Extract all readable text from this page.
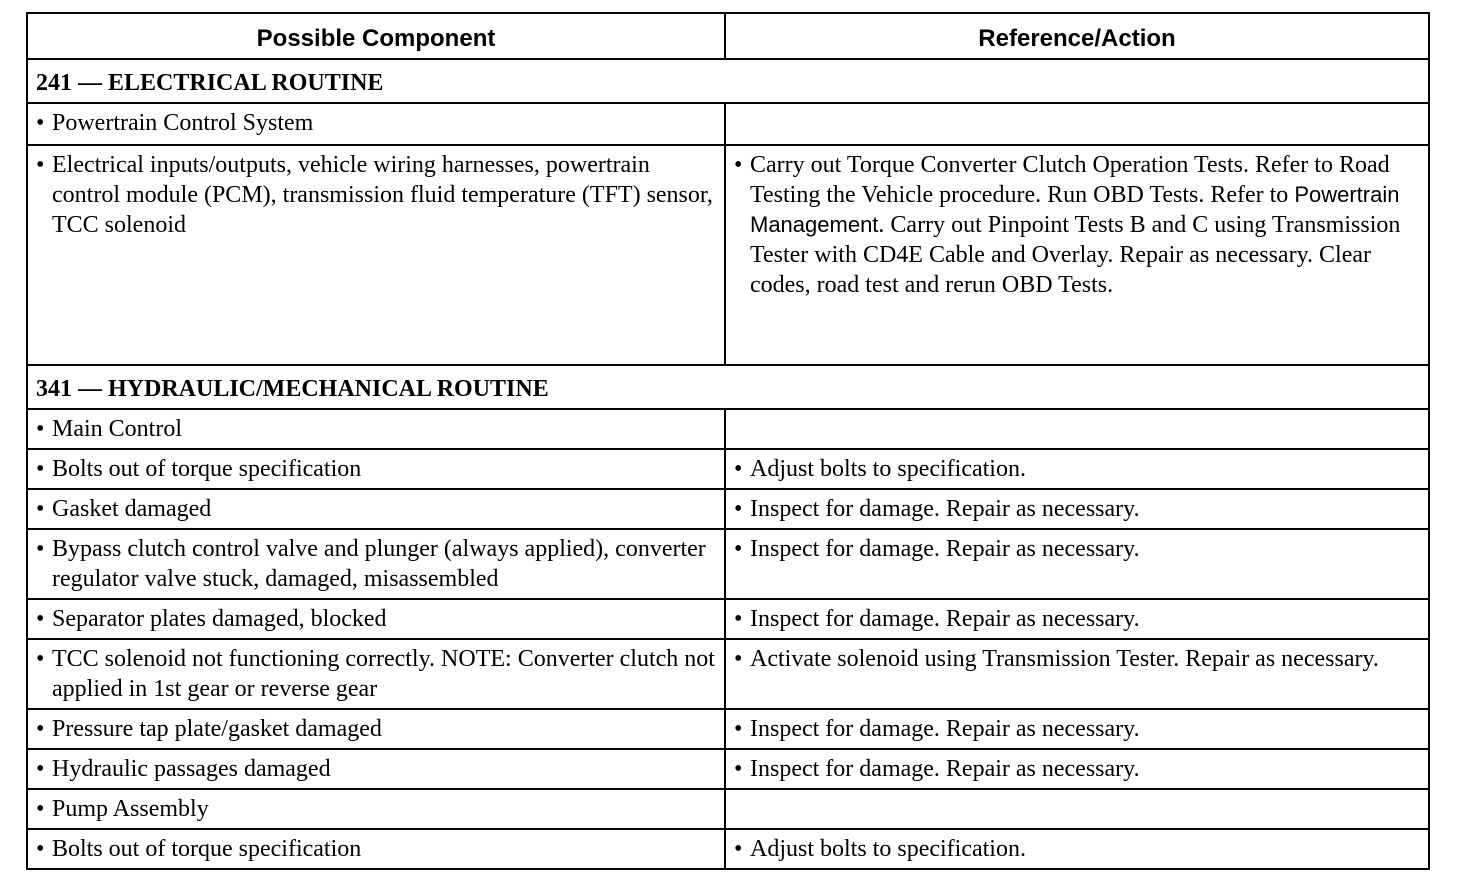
Possible Component	Reference/Action
241 — ELECTRICAL ROUTINE	

• Powertrain Control System	

• Electrical inputs/outputs, vehicle wiring harnesses, powertrain control module (PCM), transmission fluid temperature (TFT) sensor, TCC solenoid	• Carry out Torque Converter Clutch Operation Tests. Refer to Road Testing the Vehicle procedure. Run OBD Tests. Refer to Powertrain Management. Carry out Pinpoint Tests B and C using Transmission Tester with CD4E Cable and Overlay. Repair as necessary. Clear codes, road test and rerun OBD Tests.

341 — HYDRAULIC/MECHANICAL ROUTINE	

• Main Control	

• Bolts out of torque specification	• Adjust bolts to specification.

• Gasket damaged	• Inspect for damage. Repair as necessary.

• Bypass clutch control valve and plunger (always applied), converter regulator valve stuck, damaged, misassembled	• Inspect for damage. Repair as necessary.

• Separator plates damaged, blocked	• Inspect for damage. Repair as necessary.

• TCC solenoid not functioning correctly. NOTE: Converter clutch not applied in 1st gear or reverse gear	• Activate solenoid using Transmission Tester. Repair as necessary.

• Pressure tap plate/gasket damaged	• Inspect for damage. Repair as necessary.

• Hydraulic passages damaged	• Inspect for damage. Repair as necessary.

• Pump Assembly	

• Bolts out of torque specification	• Adjust bolts to specification.
